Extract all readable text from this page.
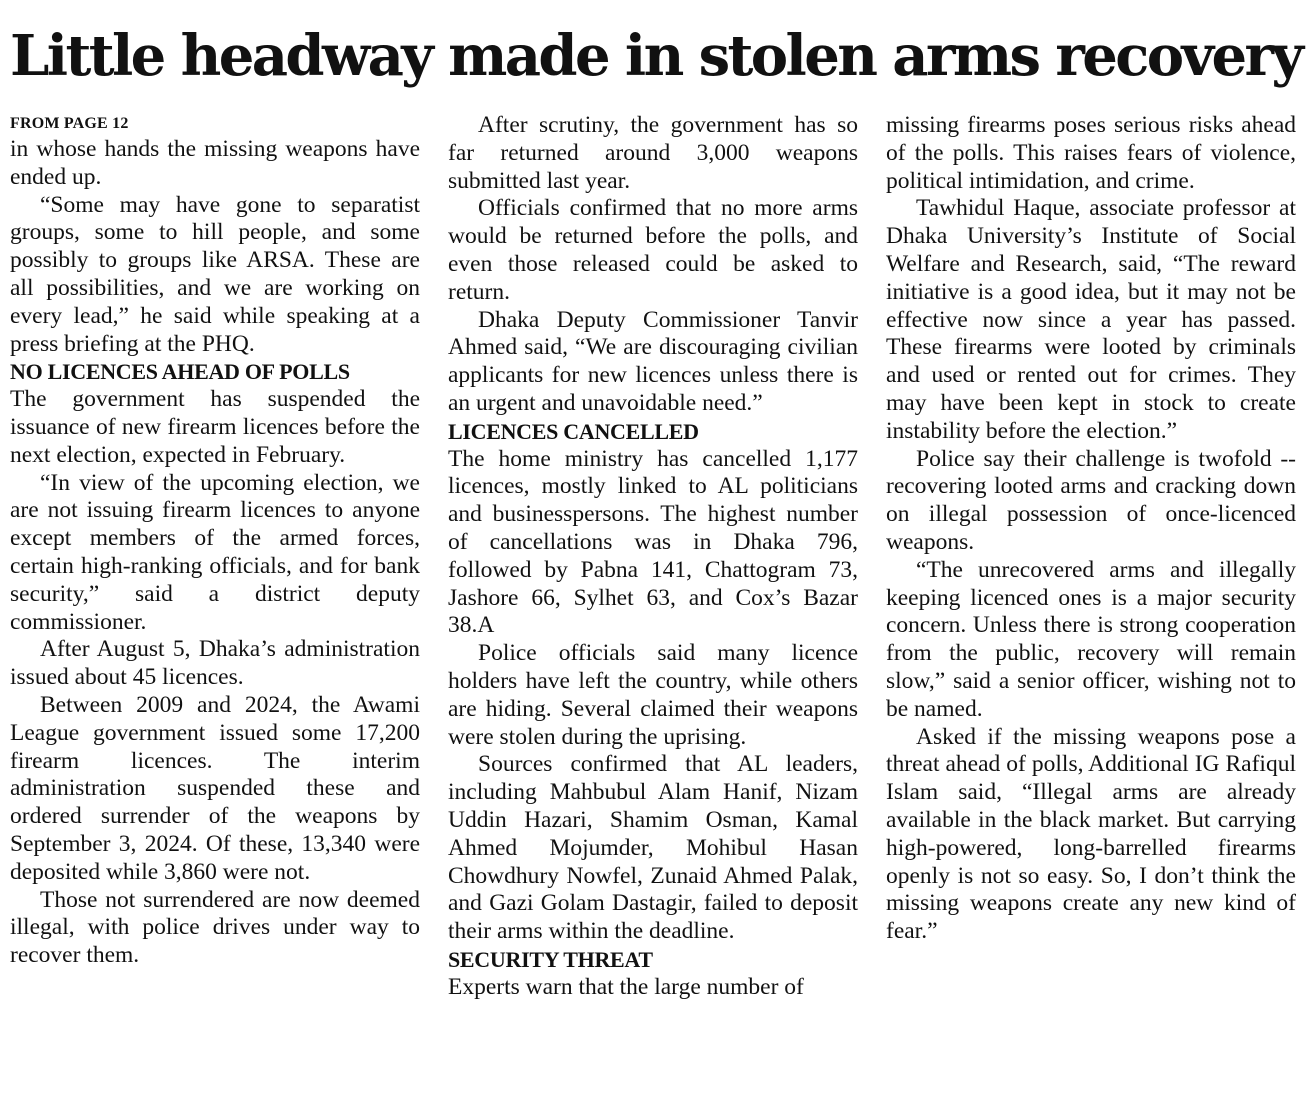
Little headway made in stolen arms recovery
FROM PAGE 12

in whose hands the missing weapons have ended up.

“Some may have gone to separatist groups, some to hill people, and some possibly to groups like ARSA. These are all possibilities, and we are working on every lead,” he said while speaking at a press briefing at the PHQ.

NO LICENCES AHEAD OF POLLS

The government has suspended the issuance of new firearm licences before the next election, expected in February.

“In view of the upcoming election, we are not issuing firearm licences to anyone except members of the armed forces, certain high-ranking officials, and for bank security,” said a district deputy commissioner.

After August 5, Dhaka’s administration issued about 45 licences.

Between 2009 and 2024, the Awami League government issued some 17,200 firearm licences. The interim administration suspended these and ordered surrender of the weapons by September 3, 2024. Of these, 13,340 were deposited while 3,860 were not.

Those not surrendered are now deemed illegal, with police drives under way to recover them.

After scrutiny, the government has so far returned around 3,000 weapons submitted last year.

Officials confirmed that no more arms would be returned before the polls, and even those released could be asked to return.

Dhaka Deputy Commissioner Tanvir Ahmed said, “We are discouraging civilian applicants for new licences unless there is an urgent and unavoidable need.”

LICENCES CANCELLED

The home ministry has cancelled 1,177 licences, mostly linked to AL politicians and businesspersons. The highest number of cancellations was in Dhaka 796, followed by Pabna 141, Chattogram 73, Jashore 66, Sylhet 63, and Cox’s Bazar 38.A

Police officials said many licence holders have left the country, while others are hiding. Several claimed their weapons were stolen during the uprising.

Sources confirmed that AL leaders, including Mahbubul Alam Hanif, Nizam Uddin Hazari, Shamim Osman, Kamal Ahmed Mojumder, Mohibul Hasan Chowdhury Nowfel, Zunaid Ahmed Palak, and Gazi Golam Dastagir, failed to deposit their arms within the deadline.

SECURITY THREAT

Experts warn that the large number of

missing firearms poses serious risks ahead of the polls. This raises fears of violence, political intimidation, and crime.

Tawhidul Haque, associate professor at Dhaka University’s Institute of Social Welfare and Research, said, “The reward initiative is a good idea, but it may not be effective now since a year has passed. These firearms were looted by criminals and used or rented out for crimes. They may have been kept in stock to create instability before the election.”

Police say their challenge is twofold -- recovering looted arms and cracking down on illegal possession of once-licenced weapons.

“The unrecovered arms and illegally keeping licenced ones is a major security concern. Unless there is strong cooperation from the public, recovery will remain slow,” said a senior officer, wishing not to be named.

Asked if the missing weapons pose a threat ahead of polls, Additional IG Rafiqul Islam said, “Illegal arms are already available in the black market. But carrying high-powered, long-barrelled firearms openly is not so easy. So, I don’t think the missing weapons create any new kind of fear.”
